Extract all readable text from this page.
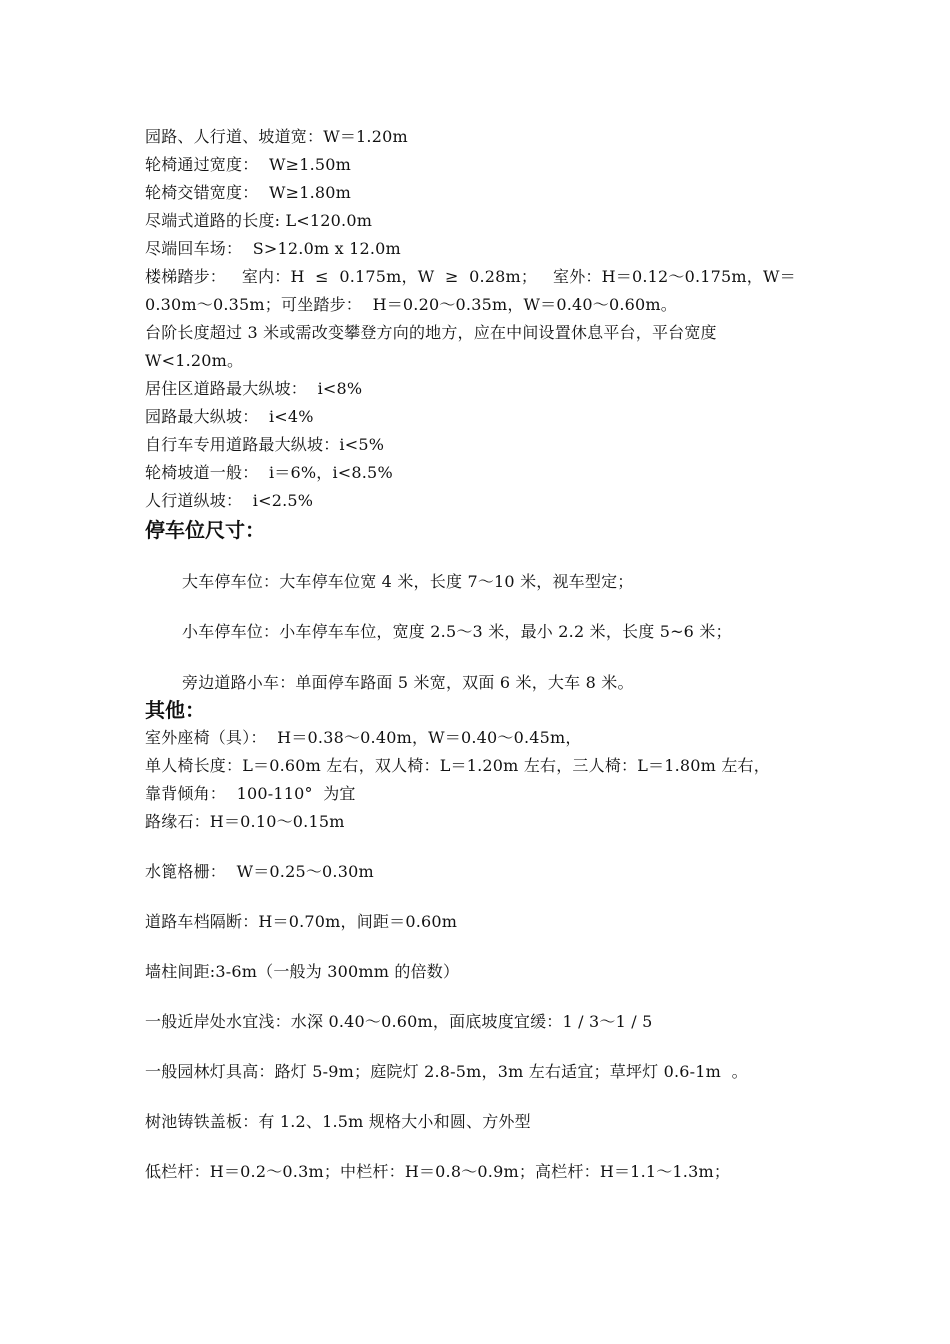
园路、人行道、坡道宽：W＝1.20m
轮椅通过宽度：  W≥1.50m
轮椅交错宽度：  W≥1.80m
尽端式道路的长度: L<120.0m
尽端回车场：  S>12.0m x 12.0m
楼梯踏步：   室内：H  ≤  0.175m，W  ≥  0.28m；   室外：H＝0.12～0.175m，W＝
0.30m～0.35m；可坐踏步：  H＝0.20～0.35m，W＝0.40～0.60m。
台阶长度超过 3 米或需改变攀登方向的地方，应在中间设置休息平台，平台宽度
W<1.20m。
居住区道路最大纵坡：  i<8%
园路最大纵坡：  i<4%
自行车专用道路最大纵坡：i<5%
轮椅坡道一般：  i＝6%，i<8.5%
人行道纵坡：  i<2.5%
停车位尺寸：
大车停车位：大车停车位宽 4 米，长度 7～10 米，视车型定；
小车停车位：小车停车车位，宽度 2.5～3 米，最小 2.2 米，长度 5~6 米；
旁边道路小车：单面停车路面 5 米宽，双面 6 米，大车 8 米。
其他：
室外座椅（具）：  H＝0.38～0.40m，W＝0.40～0.45m，
单人椅长度：L＝0.60m 左右，双人椅：L＝1.20m 左右，三人椅：L＝1.80m 左右，
靠背倾角：  100-110°  为宜
路缘石：H＝0.10～0.15m
水篦格栅：  W＝0.25～0.30m
道路车档隔断：H＝0.70m，间距＝0.60m
墙柱间距:3-6m（一般为 300mm 的倍数）
一般近岸处水宜浅：水深 0.40～0.60m，面底坡度宜缓：1 / 3～1 / 5
一般园林灯具高：路灯 5-9m；庭院灯 2.8-5m，3m 左右适宜；草坪灯 0.6-1m  。
树池铸铁盖板：有 1.2、1.5m 规格大小和圆、方外型
低栏杆：H＝0.2～0.3m；中栏杆：H＝0.8～0.9m；高栏杆：H＝1.1～1.3m；
